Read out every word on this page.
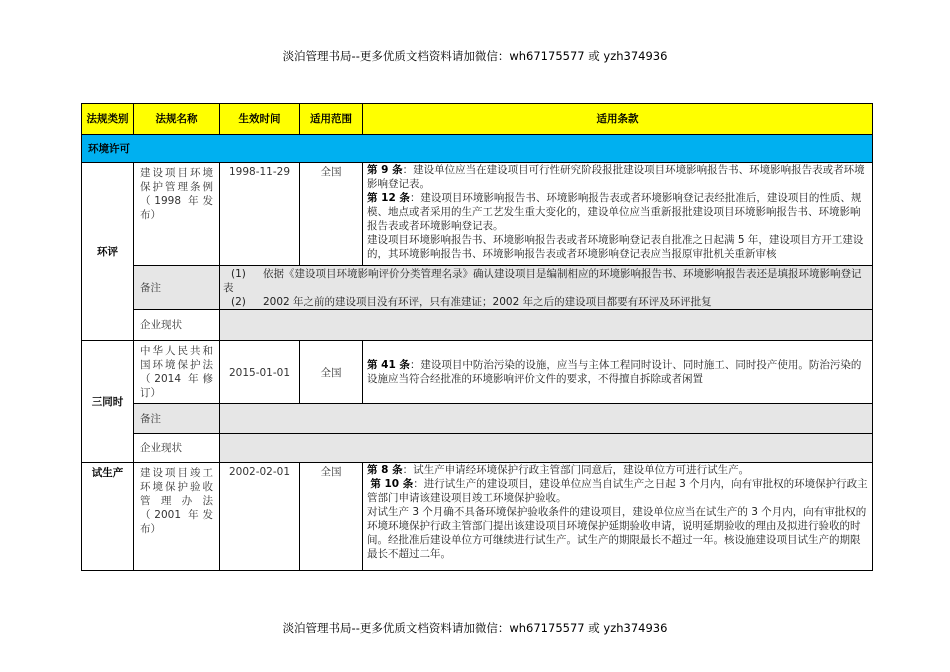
淡泊管理书局--更多优质文档资料请加微信：wh67175577 或 yzh374936
法规类别	法规名称	生效时间	适用范围	适用条款
环境许可				
环评	建设项目环境保护管理条例（1998 年发布）	1998-11-29	全国	第 9 条：建设单位应当在建设项目可行性研究阶段报批建设项目环境影响报告书、环境影响报告表或者环境影响登记表。

第 12 条：建设项目环境影响报告书、环境影响报告表或者环境影响登记表经批准后，建设项目的性质、规模、地点或者采用的生产工艺发生重大变化的，建设单位应当重新报批建设项目环境影响报告书、环境影响报告表或者环境影响登记表。

建设项目环境影响报告书、环境影响报告表或者环境影响登记表自批准之日起满 5 年，建设项目方开工建设的，其环境影响报告书、环境影响报告表或者环境影响登记表应当报原审批机关重新审核

	备注	(1) 依据《建设项目环境影响评价分类管理名录》确认建设项目是编制相应的环境影响报告书、环境影响报告表还是填报环境影响登记表
(2) 2002 年之前的建设项目没有环评，只有准建证；2002 年之后的建设项目都要有环评及环评批复		

	企业现状			
三同时	中华人民共和国环境保护法（2014 年修订）	2015-01-01	全国	第 41 条：建设项目中防治污染的设施，应当与主体工程同时设计、同时施工、同时投产使用。防治污染的设施应当符合经批准的环境影响评价文件的要求，不得擅自拆除或者闲置

	备注			
	企业现状			
试生产	建设项目竣工环境保护验收管理办法（2001 年发布）	2002-02-01	全国	第 8 条：试生产申请经环境保护行政主管部门同意后，建设单位方可进行试生产。

第 10 条：进行试生产的建设项目，建设单位应当自试生产之日起 3 个月内，向有审批权的环境保护行政主管部门申请该建设项目竣工环境保护验收。

对试生产 3 个月确不具备环境保护验收条件的建设项目，建设单位应当在试生产的 3 个月内，向有审批权的环境环境保护行政主管部门提出该建设项目环境保护延期验收申请，说明延期验收的理由及拟进行验收的时间。经批准后建设单位方可继续进行试生产。试生产的期限最长不超过一年。核设施建设项目试生产的期限最长不超过二年。

淡泊管理书局--更多优质文档资料请加微信：wh67175577 或 yzh374936
